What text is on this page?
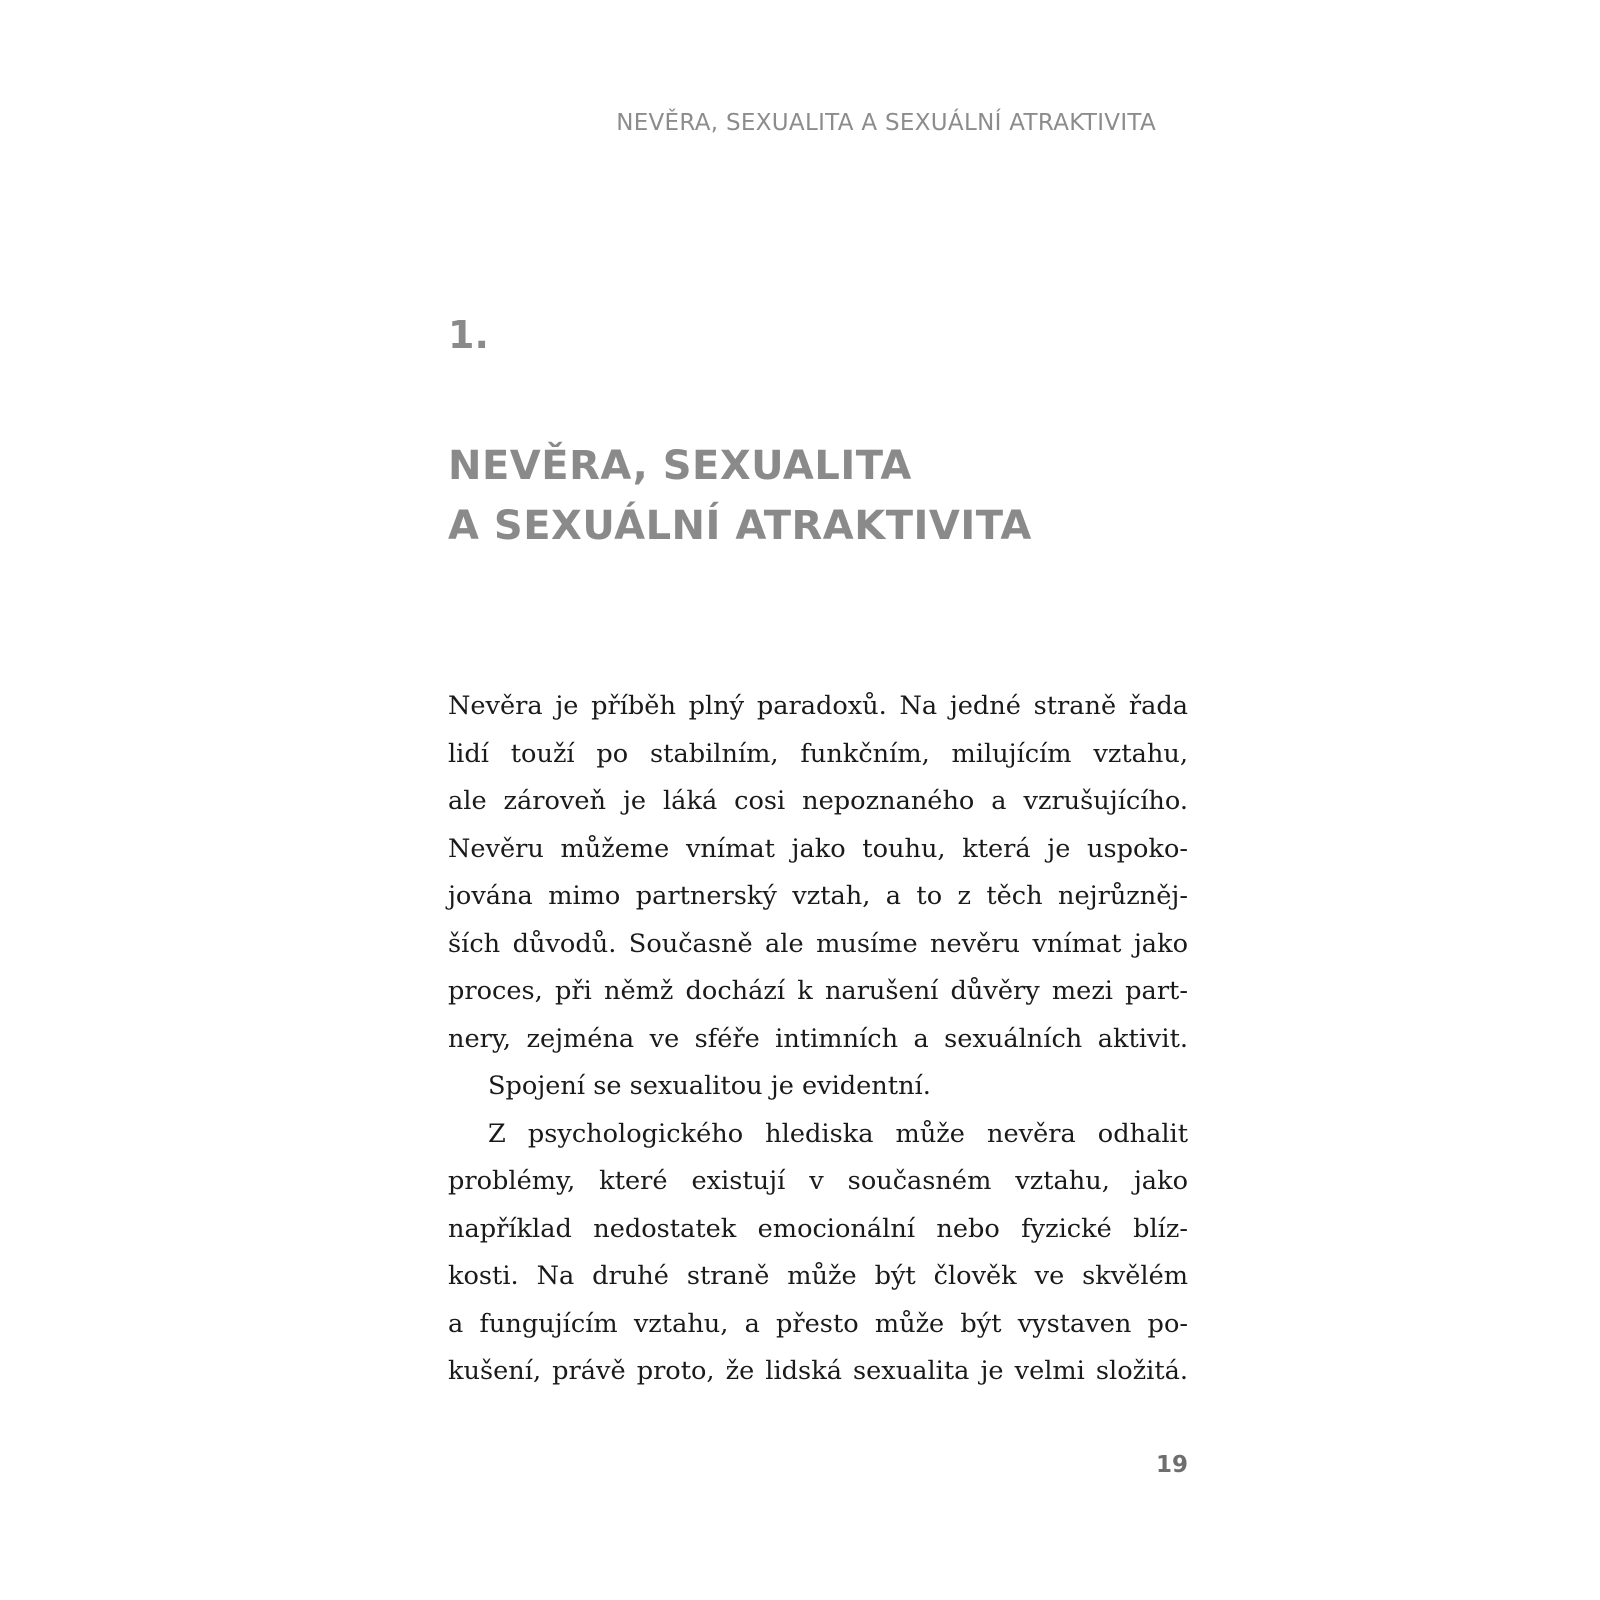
NEVĚRA, SEXUALITA A SEXUÁLNÍ ATRAKTIVITA
1.
NEVĚRA, SEXUALITA
A SEXUÁLNÍ ATRAKTIVITA
Nevěra je příběh plný paradoxů. Na jedné straně řada
lidí touží po stabilním, funkčním, milujícím vztahu,
ale zároveň je láká cosi nepoznaného a vzrušujícího.
Nevěru můžeme vnímat jako touhu, která je uspoko-
jována mimo partnerský vztah, a to z těch nejrůzněj-
ších důvodů. Současně ale musíme nevěru vnímat jako
proces, při němž dochází k narušení důvěry mezi part-
nery, zejména ve sféře intimních a sexuálních aktivit.
Spojení se sexualitou je evidentní.
Z psychologického hlediska může nevěra odhalit
problémy, které existují v současném vztahu, jako
například nedostatek emocionální nebo fyzické blíz-
kosti. Na druhé straně může být člověk ve skvělém
a fungujícím vztahu, a přesto může být vystaven po-
kušení, právě proto, že lidská sexualita je velmi složitá.
19
